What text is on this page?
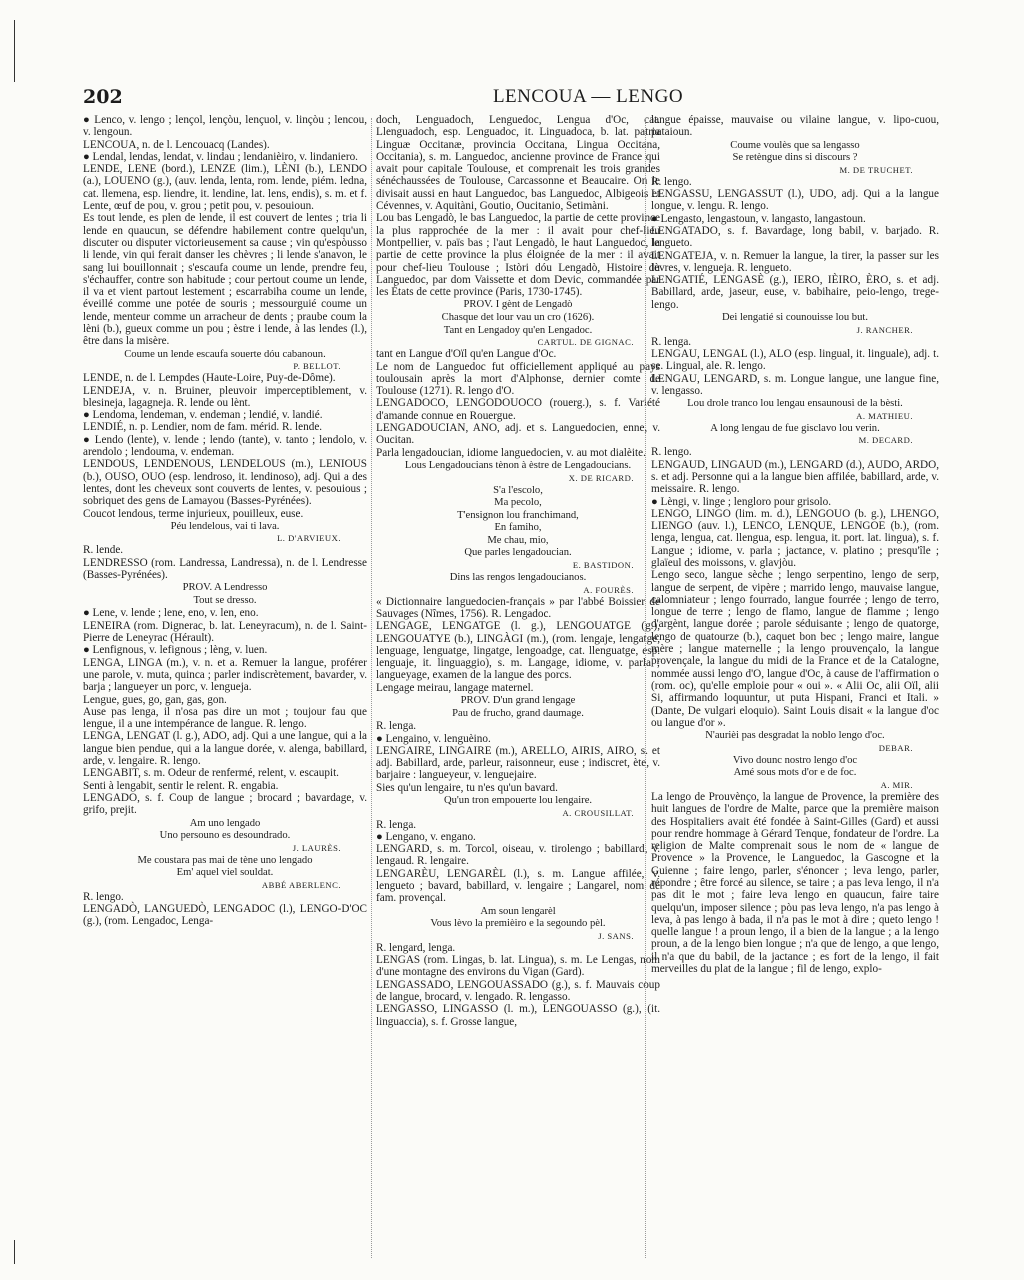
202	LENCOUA — LENGO

● Lenco, v. lengo ; lençol, lençòu, lençuol, v. linçòu ; lencou, v. lengoun.

LENCOUA, n. de l. Lencouacq (Landes).

● Lendal, lendas, lendat, v. lindau ; lendanièiro, v. lindaniero.

LENDE, LENE (bord.), LENZE (lim.), LÈNI (b.), LENDO (a.), LOUENO (g.), (auv. lenda, lenta, rom. lende, piém. ledna, cat. llemena, esp. liendre, it. lendine, lat. lens, endis), s. m. et f. Lente, œuf de pou, v. grou ; petit pou, v. pesouioun.

Es tout lende, es plen de lende, il est couvert de lentes ; tria li lende en quaucun, se défendre habilement contre quelqu'un, discuter ou disputer victorieusement sa cause ; vin qu'espòusso li lende, vin qui ferait danser les chèvres ; li lende s'anavon, le sang lui bouillonnait ; s'escaufa coume un lende, prendre feu, s'échauffer, contre son habitude ; cour pertout coume un lende, il va et vient partout lestement ; escarrabiha coume un lende, éveillé comme une potée de souris ; messourguié coume un lende, menteur comme un arracheur de dents ; praube coum la lèni (b.), gueux comme un pou ; èstre i lende, à las lendes (l.), être dans la misère.

Coume un lende escaufa souerte dóu cabanoun.

P. BELLOT.

LENDE, n. de l. Lempdes (Haute-Loire, Puy-de-Dôme).

LENDEJA, v. n. Bruiner, pleuvoir imperceptiblement, v. blesineja, lagagneja. R. lende ou lènt.

● Lendoma, lendeman, v. endeman ; lendié, v. landié.

LENDIÉ, n. p. Lendier, nom de fam. mérid. R. lende.

● Lendo (lente), v. lende ; lendo (tante), v. tanto ; lendolo, v. arendolo ; lendouma, v. endeman.

LENDOUS, LENDENOUS, LENDELOUS (m.), LENIOUS (b.), OUSO, OUO (esp. lendroso, it. lendinoso), adj. Qui a des lentes, dont les cheveux sont couverts de lentes, v. pesouious ; sobriquet des gens de Lamayou (Basses-Pyrénées).

Coucot lendous, terme injurieux, pouilleux, euse.

Péu lendelous, vai ti lava.

L. D'ARVIEUX.

R. lende.

LENDRESSO (rom. Landressa, Landressa), n. de l. Lendresse (Basses-Pyrénées).

PROV. A Lendresso

Tout se dresso.

● Lene, v. lende ; lene, eno, v. len, eno.

LENEIRA (rom. Dignerac, b. lat. Leneyracum), n. de l. Saint-Pierre de Leneyrac (Hérault).

● Lenfignous, v. lefignous ; lèng, v. luen.

LENGA, LINGA (m.), v. n. et a. Remuer la langue, proférer une parole, v. muta, quinca ; parler indiscrètement, bavarder, v. barja ; langueyer un porc, v. lengueja.

Lengue, gues, go, gan, gas, gon.

Ause pas lenga, il n'osa pas dire un mot ; toujour fau que lengue, il a une intempérance de langue. R. lengo.

LENGA, LENGAT (l. g.), ADO, adj. Qui a une langue, qui a la langue bien pendue, qui a la langue dorée, v. alenga, babillard, arde, v. lengaire. R. lengo.

LENGABIT, s. m. Odeur de renfermé, relent, v. escaupit.

Senti à lengabit, sentir le relent. R. engabia.

LENGADO, s. f. Coup de langue ; brocard ; bavardage, v. grifo, prejit.

Am uno lengado

Uno persouno es desoundrado.

J. LAURÈS.

Me coustara pas mai de tène uno lengado

Em' aquel viel souldat.

ABBÉ ABERLENC.

R. lengo.

LENGADÒ, LANGUEDÒ, LENGADOC (l.), LENGO-D'OC (g.), (rom. Lengadoc, Lenga-

doch, Lenguadoch, Lenguedoc, Lengua d'Oc, cat. Llenguadoch, esp. Lenguadoc, it. Linguadoca, b. lat. patria Linguæ Occitanæ, provincia Occitana, Lingua Occitana, Occitania), s. m. Languedoc, ancienne province de France qui avait pour capitale Toulouse, et comprenait les trois grandes sénéchaussées de Toulouse, Carcassonne et Beaucaire. On le divisait aussi en haut Languedoc, bas Languedoc, Albigeois et Cévennes, v. Aquitàni, Goutio, Oucitanio, Setimàni.

Lou bas Lengadò, le bas Languedoc, la partie de cette province la plus rapprochée de la mer : il avait pour chef-lieu Montpellier, v. païs bas ; l'aut Lengadò, le haut Languedoc, la partie de cette province la plus éloignée de la mer : il avait pour chef-lieu Toulouse ; Istòri dóu Lengadò, Histoire du Languedoc, par dom Vaissette et dom Devic, commandée par les États de cette province (Paris, 1730-1745).

PROV. I gènt de Lengadò

Chasque det lour vau un cro (1626).

Tant en Lengadoy qu'en Lengadoc.

CARTUL. DE GIGNAC.

tant en Langue d'Oïl qu'en Langue d'Oc.

Le nom de Languedoc fut officiellement appliqué au pays toulousain après la mort d'Alphonse, dernier comte de Toulouse (1271). R. lengo d'O.

LENGADOCO, LENGODOUOCO (rouerg.), s. f. Variété d'amande connue en Rouergue.

LENGADOUCIAN, ANO, adj. et s. Languedocien, enne, v. Oucitan.

Parla lengadoucian, idiome languedocien, v. au mot dialèite.

Lous Lengadoucians tènon à èstre de Lengadoucians.

X. DE RICARD.

S'a l'escolo,

Ma pecolo,

T'ensignon lou franchimand,

En famiho,

Me chau, mio,

Que parles lengadoucian.

E. BASTIDON.

Dins las rengos lengadoucianos.

A. FOURÈS.

« Dictionnaire languedocien-français » par l'abbé Boissier de Sauvages (Nîmes, 1756). R. Lengadoc.

LENGAGE, LENGATGE (l. g.), LENGOUATGE (g.), LENGOUATYE (b.), LINGÀGI (m.), (rom. lengaje, lengatge, lenguage, lenguatge, lingatge, lengoadge, cat. llenguatge, esp. lenguaje, it. linguaggio), s. m. Langage, idiome, v. parla ; langueyage, examen de la langue des porcs.

Lengage meirau, langage maternel.

PROV. D'un grand lengage

Pau de frucho, grand daumage.

R. lenga.

● Lengaino, v. lenguèino.

LENGAIRE, LINGAIRE (m.), ARELLO, AIRIS, AIRO, s. et adj. Babillard, arde, parleur, raisonneur, euse ; indiscret, ète, v. barjaire : langueyeur, v. lenguejaire.

Sies qu'un lengaire, tu n'es qu'un bavard.

Qu'un tron empouerte lou lengaire.

A. CROUSILLAT.

R. lenga.

● Lengano, v. engano.

LENGARD, s. m. Torcol, oiseau, v. tirolengo ; babillard, v. lengaud. R. lengaire.

LENGARÈU, LENGARÈL (l.), s. m. Langue affilée, v. lengueto ; bavard, babillard, v. lengaire ; Langarel, nom de fam. provençal.

Am soun lengarèl

Vous lèvo la premièiro e la segoundo pèl.

J. SANS.

R. lengard, lenga.

LENGAS (rom. Lingas, b. lat. Lingua), s. m. Le Lengas, nom d'une montagne des environs du Vigan (Gard).

LENGASSADO, LENGOUASSADO (g.), s. f. Mauvais coup de langue, brocard, v. lengado. R. lengasso.

LENGASSO, LINGASSO (l. m.), LENGOUASSO (g.), (it. linguaccia), s. f. Grosse langue,

langue épaisse, mauvaise ou vilaine langue, v. lipo-cuou, pataioun.

Coume voulès que sa lengasso

Se retèngue dins si discours ?

M. DE TRUCHET.

R. lengo.

LENGASSU, LENGASSUT (l.), UDO, adj. Qui a la langue longue, v. lengu. R. lengo.

● Lengasto, lengastoun, v. langasto, langastoun.

LENGATADO, s. f. Bavardage, long babil, v. barjado. R. lengueto.

LENGATEJA, v. n. Remuer la langue, la tirer, la passer sur les lèvres, v. lengueja. R. lengueto.

LENGATIÉ, LENGASÈ (g.), IERO, IÈIRO, ÈRO, s. et adj. Babillard, arde, jaseur, euse, v. babihaire, peio-lengo, trege-lengo.

Dei lengatié si counouisse lou but.

J. RANCHER.

R. lenga.

LENGAU, LENGAL (l.), ALO (esp. lingual, it. linguale), adj. t. se. Lingual, ale. R. lengo.

LENGAU, LENGARD, s. m. Longue langue, une langue fine, v. lengasso.

Lou drole tranco lou lengau ensaunousi de la bèsti.

A. MATHIEU.

A long lengau de fue gisclavo lou verin.

M. DECARD.

R. lengo.

LENGAUD, LINGAUD (m.), LENGARD (d.), AUDO, ARDO, s. et adj. Personne qui a la langue bien affilée, babillard, arde, v. meissaire. R. lengo.

● Lèngi, v. linge ; lengloro pour grisolo.

LENGO, LINGO (lim. m. d.), LENGOUO (b. g.), LHENGO, LIENGO (auv. l.), LENCO, LENQUE, LENGOE (b.), (rom. lenga, lengua, cat. llengua, esp. lengua, it. port. lat. lingua), s. f. Langue ; idiome, v. parla ; jactance, v. platino ; presqu'île ; glaïeul des moissons, v. glavjòu.

Lengo seco, langue sèche ; lengo serpentino, lengo de serp, langue de serpent, de vipère ; marrido lengo, mauvaise langue, calomniateur ; lengo fourrado, langue fourrée ; lengo de terro, longue de terre ; lengo de flamo, langue de flamme ; lengo d'argènt, langue dorée ; parole séduisante ; lengo de quatorge, lengo de quatourze (b.), caquet bon bec ; lengo maire, langue mère ; langue maternelle ; la lengo prouvençalo, la langue provençale, la langue du midi de la France et de la Catalogne, nommée aussi lengo d'O, langue d'Oc, à cause de l'affirmation o (rom. oc), qu'elle emploie pour « oui ». « Alii Oc, alii Oïl, alii Si, affirmando loquuntur, ut puta Hispani, Franci et Itali. » (Dante, De vulgari eloquio). Saint Louis disait « la langue d'oc ou langue d'or ».

N'aurièi pas desgradat la noblo lengo d'oc.

DEBAR.

Vivo dounc nostro lengo d'oc

Amé sous mots d'or e de foc.

A. MIR.

La lengo de Prouvènço, la langue de Provence, la première des huit langues de l'ordre de Malte, parce que la première maison des Hospitaliers avait été fondée à Saint-Gilles (Gard) et aussi pour rendre hommage à Gérard Tenque, fondateur de l'ordre. La religion de Malte comprenait sous le nom de « langue de Provence » la Provence, le Languedoc, la Gascogne et la Guienne ; faire lengo, parler, s'énoncer ; leva lengo, parler, répondre ; être forcé au silence, se taire ; a pas leva lengo, il n'a pas dit le mot ; faire leva lengo en quaucun, faire taire quelqu'un, imposer silence ; pòu pas leva lengo, n'a pas lengo à leva, à pas lengo à bada, il n'a pas le mot à dire ; queto lengo ! quelle langue ! a proun lengo, il a bien de la langue ; a la lengo proun, a de la lengo bien longue ; n'a que de lengo, a que lengo, il n'a que du babil, de la jactance ; es fort de la lengo, il fait merveilles du plat de la langue ; fil de lengo, explo-
